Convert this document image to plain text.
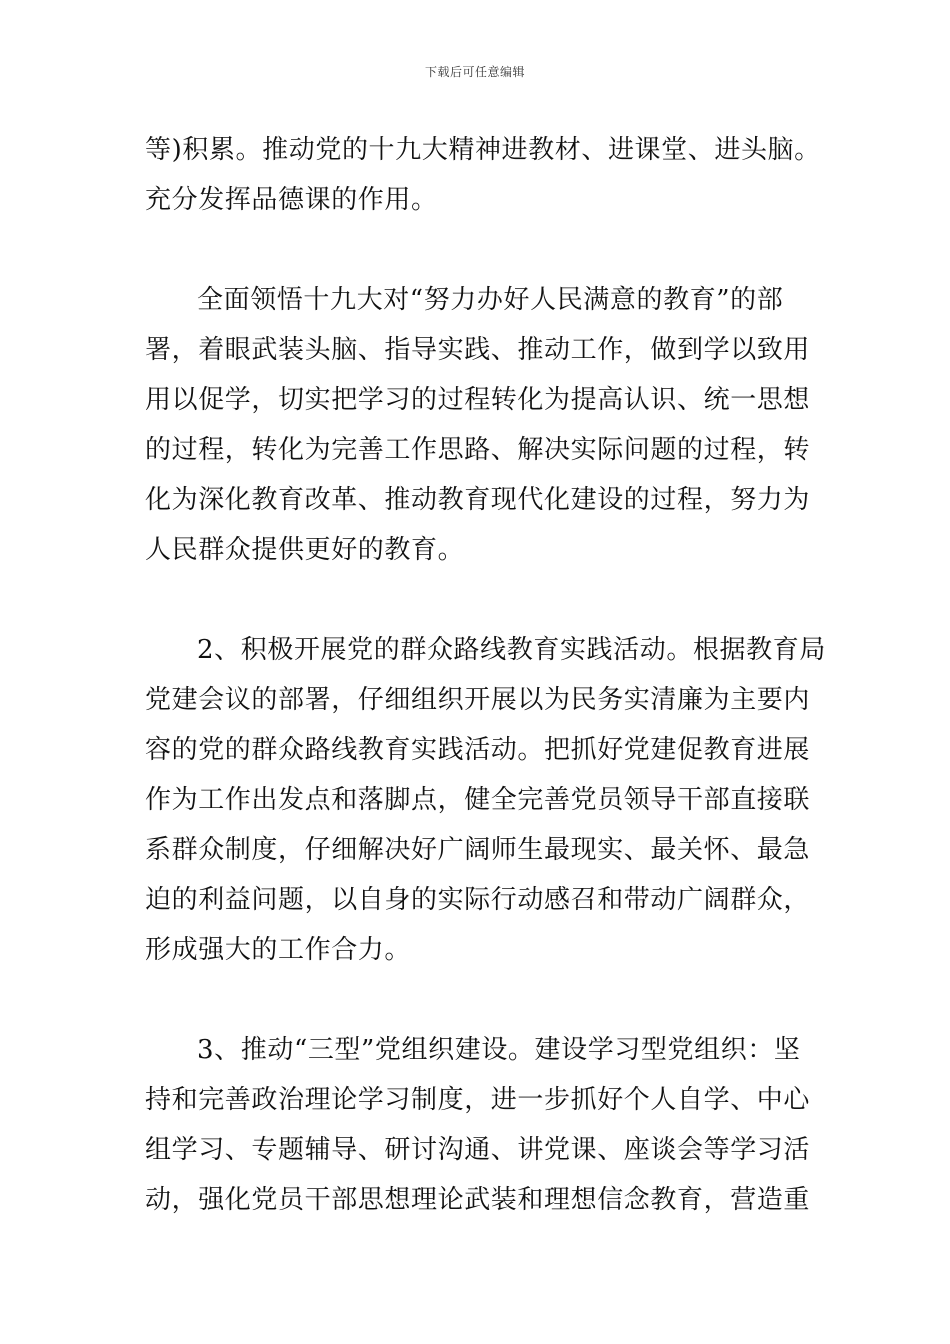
下载后可任意编辑
等)积累。推动党的十九大精神进教材、进课堂、进头脑。
充分发挥品德课的作用。
全面领悟十九大对“努力办好人民满意的教育”的部
署，着眼武装头脑、指导实践、推动工作，做到学以致用
用以促学，切实把学习的过程转化为提高认识、统一思想
的过程，转化为完善工作思路、解决实际问题的过程，转
化为深化教育改革、推动教育现代化建设的过程，努力为
人民群众提供更好的教育。
2、积极开展党的群众路线教育实践活动。根据教育局
党建会议的部署，仔细组织开展以为民务实清廉为主要内
容的党的群众路线教育实践活动。把抓好党建促教育进展
作为工作出发点和落脚点，健全完善党员领导干部直接联
系群众制度，仔细解决好广阔师生最现实、最关怀、最急
迫的利益问题，以自身的实际行动感召和带动广阔群众，
形成强大的工作合力。
3、推动“三型”党组织建设。建设学习型党组织：坚
持和完善政治理论学习制度，进一步抓好个人自学、中心
组学习、专题辅导、研讨沟通、讲党课、座谈会等学习活
动，强化党员干部思想理论武装和理想信念教育，营造重
